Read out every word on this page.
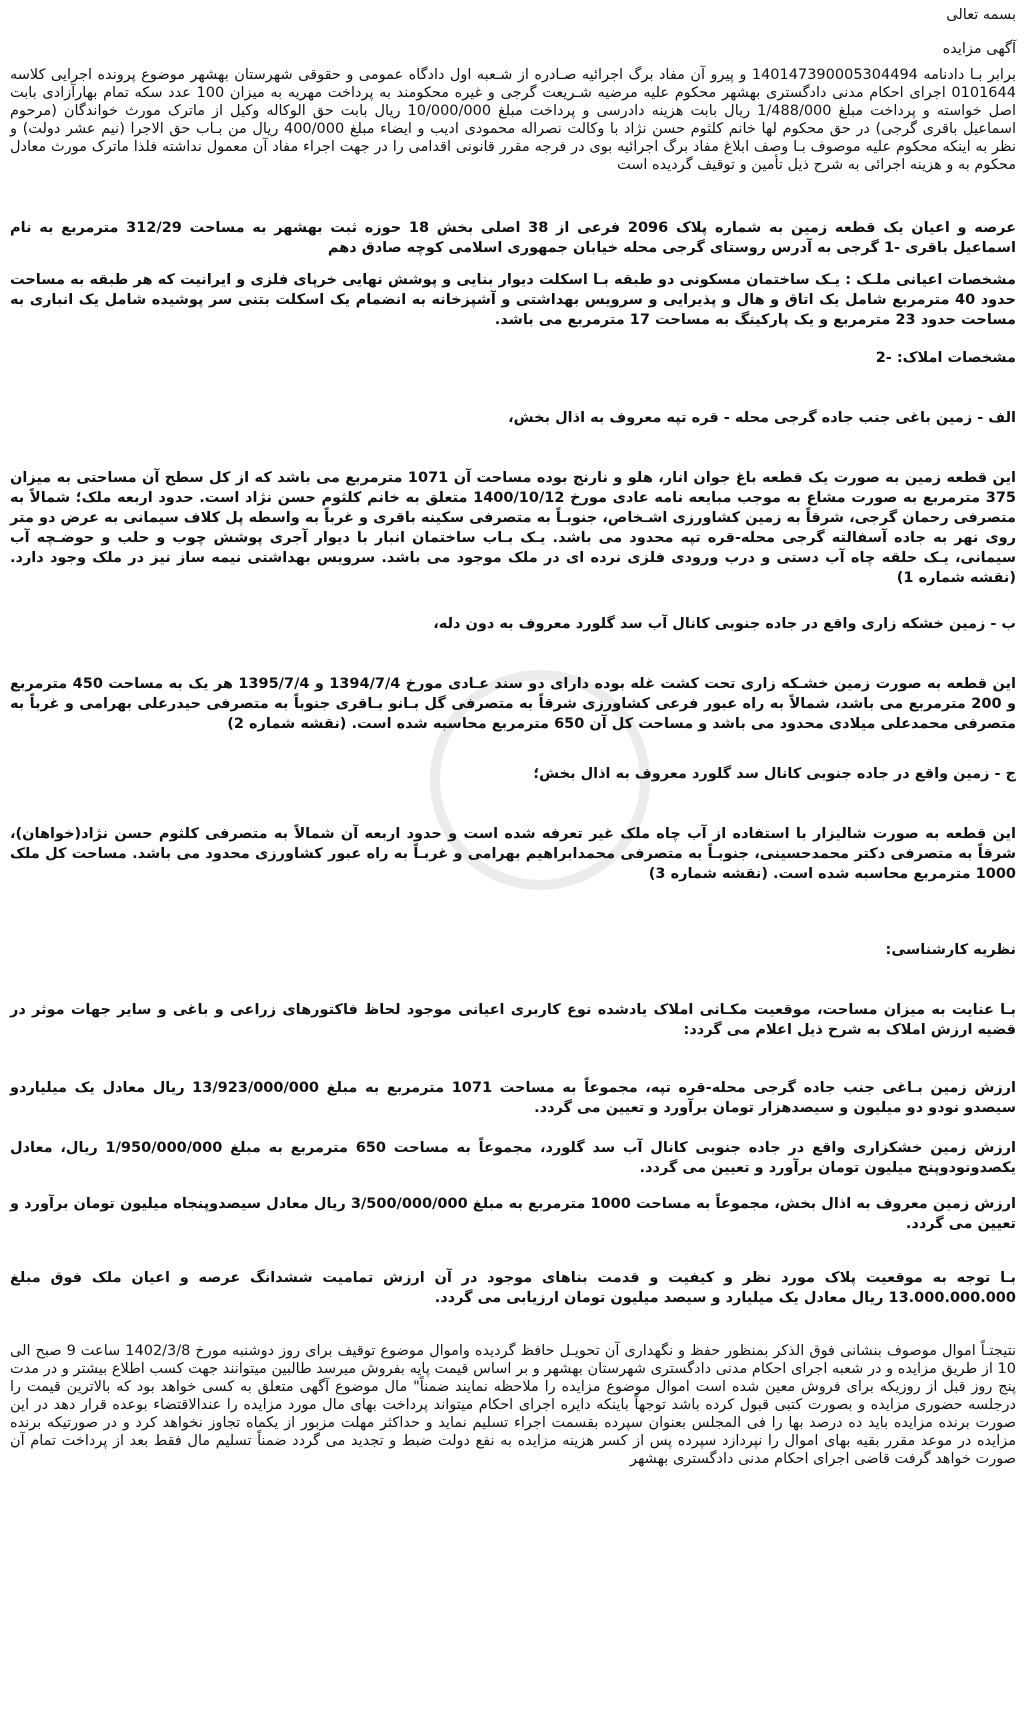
بسمه تعالی

آگهی مزایده

برابر بـا دادنامه 140147390005304494 و پیرو آن مفاد برگ اجرائیه صـادره از شـعبه اول دادگاه عمومی و حقوقی شهرستان بهشهر موضوع پرونده اجرایی کلاسه 0101644 اجرای احکام مدنی دادگستری بهشهر محکوم علیه مرضیه شـریعت گرجی و غیره محکومند به پرداخت مهریه به میزان 100 عدد سکه تمام بهارآزادی بابت اصل خواسته و پرداخت مبلغ 1/488/000 ریال بابت هزینه دادرسی و پرداخت مبلغ 10/000/000 ریال بابت حق الوکاله وکیل از ماترک مورث خواندگان (مرحوم اسماعیل باقری گرجی) در حق محکوم لها خانم کلثوم حسن نژاد با وکالت نصراله محمودی ادیب و ایضاء مبلغ 400/000 ریال من بـاب حق الاجرا (نیم عشر دولت) و نظر به اینکه محکوم علیه موصوف بـا وصف ابلاغ مفاد برگ اجرائیه بوی در فرجه مقرر قانونی اقدامی را در جهت اجراء مفاد آن معمول نداشته فلذا ماترک مورث معادل محکوم به و هزینه اجرائی به شرح ذیل تأمین و توقیف گردیده است

عرصه و اعیان یک قطعه زمین به شماره پلاک 2096 فرعی از 38 اصلی بخش 18 حوزه ثبت بهشهر به مساحت 312/29 مترمربع به نام اسماعیل باقری -1 گرجی به آدرس روستای گرجی محله خیابان جمهوری اسلامی کوچه صادق دهم

مشخصات اعیانی ملـک : یـک ساختمان مسکونی دو طبقه بـا اسکلت دیوار بنایی و پوشش نهایی خرپای فلزی و ایرانیت که هر طبقه به مساحت حدود 40 مترمربع شامل یک اتاق و هال و پذیرایی و سرویس بهداشتی و آشپزخانه به انضمام یک اسکلت بتنی سر پوشیده شامل یک انباری به مساحت حدود 23 مترمربع و یک پارکینگ به مساحت 17 مترمربع می باشد.

مشخصات املاک: -2

الف - زمین باغی جنب جاده گرجی محله - قره تپه معروف به اذال بخش،

این قطعه زمین به صورت یک قطعه باغ جوان انار، هلو و نارنج بوده مساحت آن 1071 مترمربع می باشد که از کل سطح آن مساحتی به میزان 375 مترمربع به صورت مشاع به موجب مبایعه نامه عادی مورخ 1400/10/12 متعلق به خانم کلثوم حسن نژاد است. حدود اربعه ملک؛ شمالاً به متصرفی رحمان گرجی، شرقاً به زمین کشاورزی اشـخاص، جنوبـاً به متصرفی سکینه باقری و غرباً به واسطه پل کلاف سیمانی به عرض دو متر روی نهر به جاده آسفالته گرجی محله-قره تپه محدود می باشد. یـک بـاب ساختمان انبار با دیوار آجری پوشش چوب و حلب و حوضـچه آب سیمانی، یـک حلقه چاه آب دستی و درب ورودی فلزی نرده ای در ملک موجود می باشد. سرویس بهداشتی نیمه ساز نیز در ملک وجود دارد. (نقشه شماره 1)

ب - زمین خشکه زاری واقع در جاده جنوبی کانال آب سد گلورد معروف به دون دله،

این قطعه به صورت زمین خشـکه زاری تحت کشت غله بوده دارای دو سند عـادی مورخ 1394/7/4 و 1395/7/4 هر یک به مساحت 450 مترمربع و 200 مترمربع می باشد، شمالاً به راه عبور فرعی کشاورزی شرقاً به متصرفی گل بـانو بـاقری جنوباً به متصرفی حیدرعلی بهرامی و غرباً به متصرفی محمدعلی میلادی محدود می باشد و مساحت کل آن 650 مترمربع محاسبه شده است. (نقشه شماره 2)

ج - زمین واقع در جاده جنوبی کانال سد گلورد معروف به اذال بخش؛

این قطعه به صورت شالیزار با استفاده از آب چاه ملک غیر تعرفه شده است و حدود اربعه آن شمالاً به متصرفی کلثوم حسن نژاد(خواهان)، شرقاً به متصرفی دکتر محمدحسینی، جنوبـاً به متصرفی محمدابراهیم بهرامی و غربـاً به راه عبور کشاورزی محدود می باشد. مساحت کل ملک 1000 مترمربع محاسبه شده است. (نقشه شماره 3)

نظریه کارشناسی:

بـا عنایت به میزان مساحت، موقعیت مکـانی املاک یادشده نوع کاربری اعیانی موجود لحاظ فاکتورهای زراعی و باغی و سایر جهات موثر در قضیه ارزش املاک به شرح ذیل اعلام می گردد:

ارزش زمین بـاغی جنب جاده گرجی محله-قره تپه، مجموعاً به مساحت 1071 مترمربع به مبلغ 13/923/000/000 ریال معادل یک میلیاردو سیصدو نودو دو میلیون و سیصدهزار تومان برآورد و تعیین می گردد.

ارزش زمین خشکزاری واقع در جاده جنوبی کانال آب سد گلورد، مجموعاً به مساحت 650 مترمربع به مبلغ 1/950/000/000 ریال، معادل یکصدونودوپنج میلیون تومان برآورد و تعیین می گردد.

ارزش زمین معروف به اذال بخش، مجموعاً به مساحت 1000 مترمربع به مبلغ 3/500/000/000 ریال معادل سیصدوپنجاه میلیون تومان برآورد و تعیین می گردد.

بـا توجه به موقعیت پلاک مورد نظر و کیفیت و قدمت بناهای موجود در آن ارزش تمامیت ششدانگ عرصه و اعیان ملک فوق مبلغ 13.000.000.000 ریال معادل یک میلیارد و سیصد میلیون تومان ارزیابی می گردد.

نتیجتـاً اموال موصوف بنشانی فوق الذکر بمنظور حفظ و نگهداری آن تحویـل حافظ گردیده واموال موضوع توقیف برای روز دوشنبه مورخ 1402/3/8 ساعت 9 صبح الی 10 از طریق مزایده و در شعبه اجرای احکام مدنی دادگستری شهرستان بهشهر و بر اساس قیمت پایه بفروش میرسد طالبین میتوانند جهت کسب اطلاع بیشتر و در مدت پنج روز قبل از روزیکه برای فروش معین شده است اموال موضوع مزایده را ملاحظه نمایند ضمناً" مال موضوع آگهی متعلق به کسی خواهد بود که بالاترین قیمت را درجلسه حضوری مزایده و بصورت کتبی قبول کرده باشد توجهاً باینکه دایره اجرای احکام میتواند پرداخت بهای مال مورد مزایده را عندالاقتضاء بوعده قرار دهد در این صورت برنده مزایده باید ده درصد بها را فی المجلس بعنوان سپرده بقسمت اجراء تسلیم نماید و حداکثر مهلت مزبور از یکماه تجاوز نخواهد کرد و در صورتیکه برنده مزایده در موعد مقرر بقیه بهای اموال را نپردازد سپرده پس از کسر هزینه مزایده به نفع دولت ضبط و تجدید می گردد ضمناً تسلیم مال فقط بعد از پرداخت تمام آن صورت خواهد گرفت قاضی اجرای احکام مدنی دادگستری بهشهر
